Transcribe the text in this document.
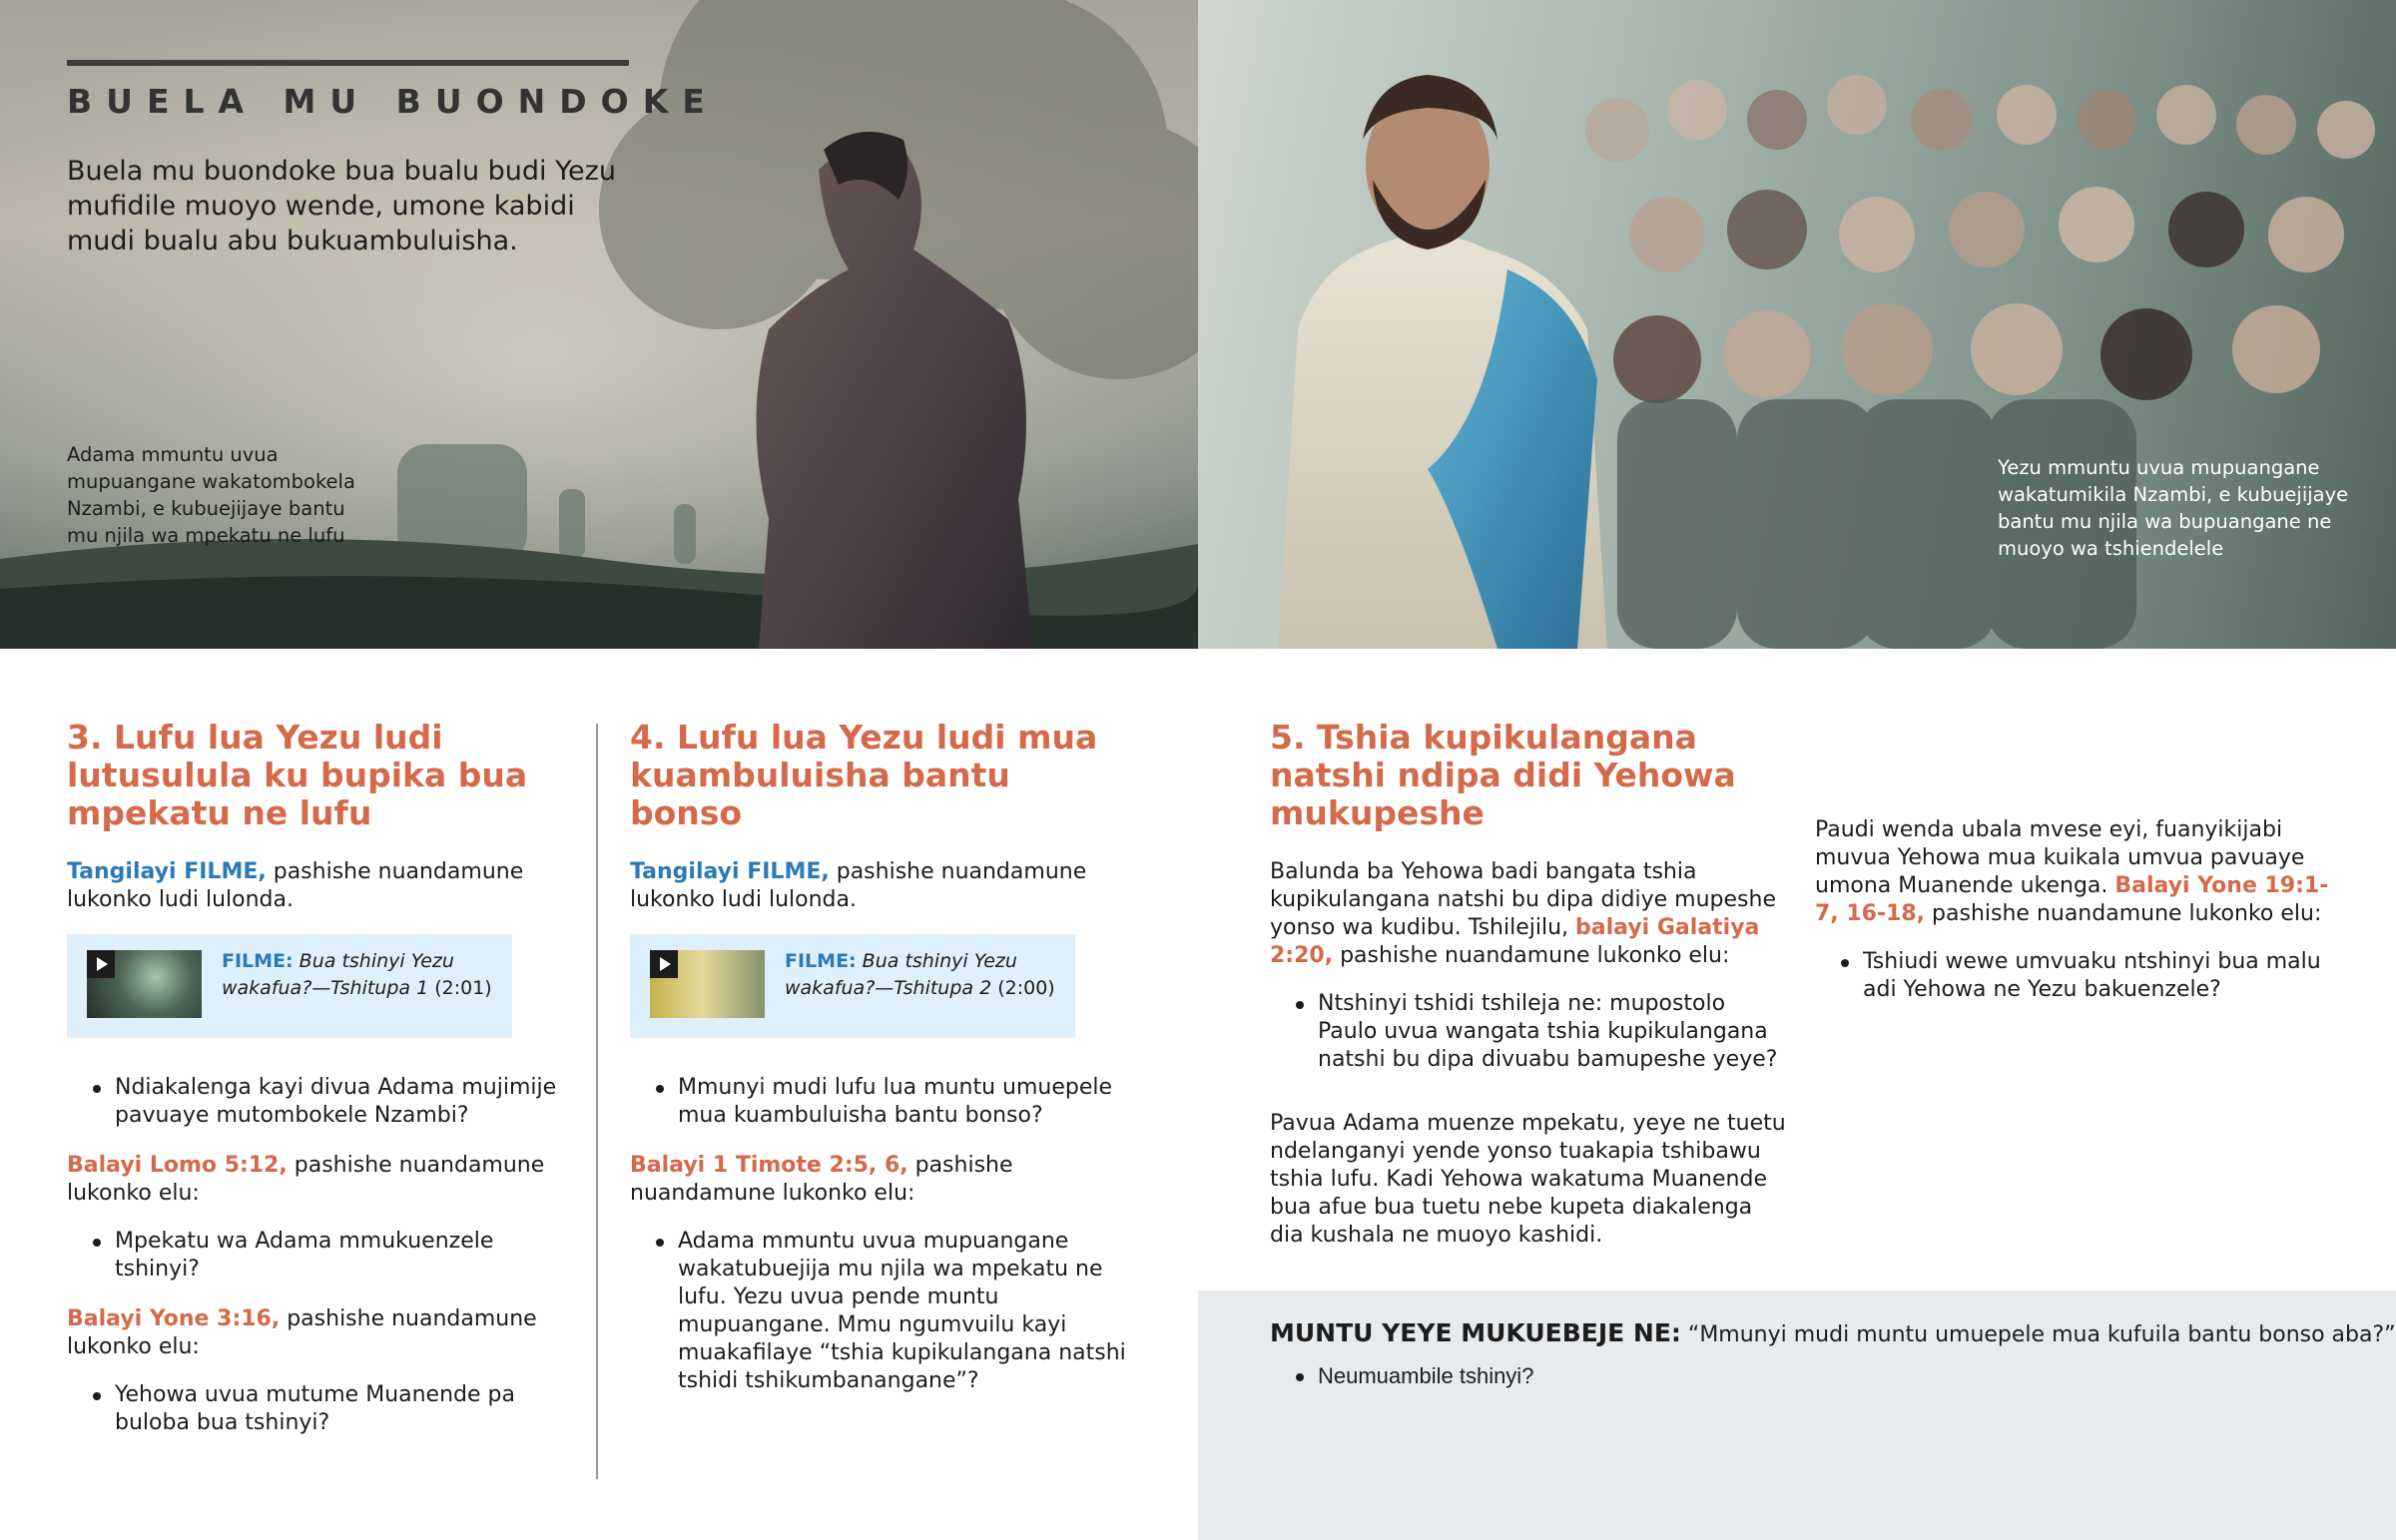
BUELA MU BUONDOKE
Buela mu buondoke bua bualu budi Yezu mufidile muoyo wende, umone kabidi mudi bualu abu bukuambuluisha.
Adama mmuntu uvua mupuangane wakatombokela Nzambi, e kubuejijaye bantu mu njila wa mpekatu ne lufu
Yezu mmuntu uvua mupuangane wakatumikila Nzambi, e kubuejijaye bantu mu njila wa bupuangane ne muoyo wa tshiendelele
3. Lufu lua Yezu ludi lutusulula ku bupika bua mpekatu ne lufu

Tangilayi FILME, pashishe nuandamune lukonko ludi lulonda.

FILME: Bua tshinyi Yezu wakafua?—Tshitupa 1 (2:01)
Ndiakalenga kayi divua Adama mujimije pavuaye mutombokele Nzambi?

Balayi Lomo 5:12, pashishe nuandamune lukonko elu:

Mpekatu wa Adama mmukuenzele tshinyi?

Balayi Yone 3:16, pashishe nuandamune lukonko elu:

Yehowa uvua mutume Muanende pa buloba bua tshinyi?
4. Lufu lua Yezu ludi mua kuambuluisha bantu bonso

Tangilayi FILME, pashishe nuandamune lukonko ludi lulonda.

FILME: Bua tshinyi Yezu wakafua?—Tshitupa 2 (2:00)
Mmunyi mudi lufu lua muntu umuepele mua kuambuluisha bantu bonso?

Balayi 1 Timote 2:5, 6, pashishe nuandamune lukonko elu:

Adama mmuntu uvua mupuangane wakatubuejija mu njila wa mpekatu ne lufu. Yezu uvua pende muntu mupuangane. Mmu ngumvuilu kayi muakafilaye “tshia kupikulangana natshi tshidi tshikumbanangane”?
5. Tshia kupikulangana natshi ndipa didi Yehowa mukupeshe

Balunda ba Yehowa badi bangata tshia kupikulangana natshi bu dipa didiye mupeshe yonso wa kudibu. Tshilejilu, balayi Galatiya 2:20, pashishe nuandamune lukonko elu:

Ntshinyi tshidi tshileja ne: mupostolo Paulo uvua wangata tshia kupikulangana natshi bu dipa divuabu bamupeshe yeye?

Pavua Adama muenze mpekatu, yeye ne tuetu ndelanganyi yende yonso tuakapia tshibawu tshia lufu. Kadi Yehowa wakatuma Muanende bua afue bua tuetu nebe kupeta diakalenga dia kushala ne muoyo kashidi.

Paudi wenda ubala mvese eyi, fuanyikijabi muvua Yehowa mua kuikala umvua pavuaye umona Muanende ukenga. Balayi Yone 19:1-7, 16-18, pashishe nuandamune lukonko elu:

Tshiudi wewe umvuaku ntshinyi bua malu adi Yehowa ne Yezu bakuenzele?
MUNTU YEYE MUKUEBEJE NE: “Mmunyi mudi muntu umuepele mua kufuila bantu bonso aba?”
Neumuambile tshinyi?
